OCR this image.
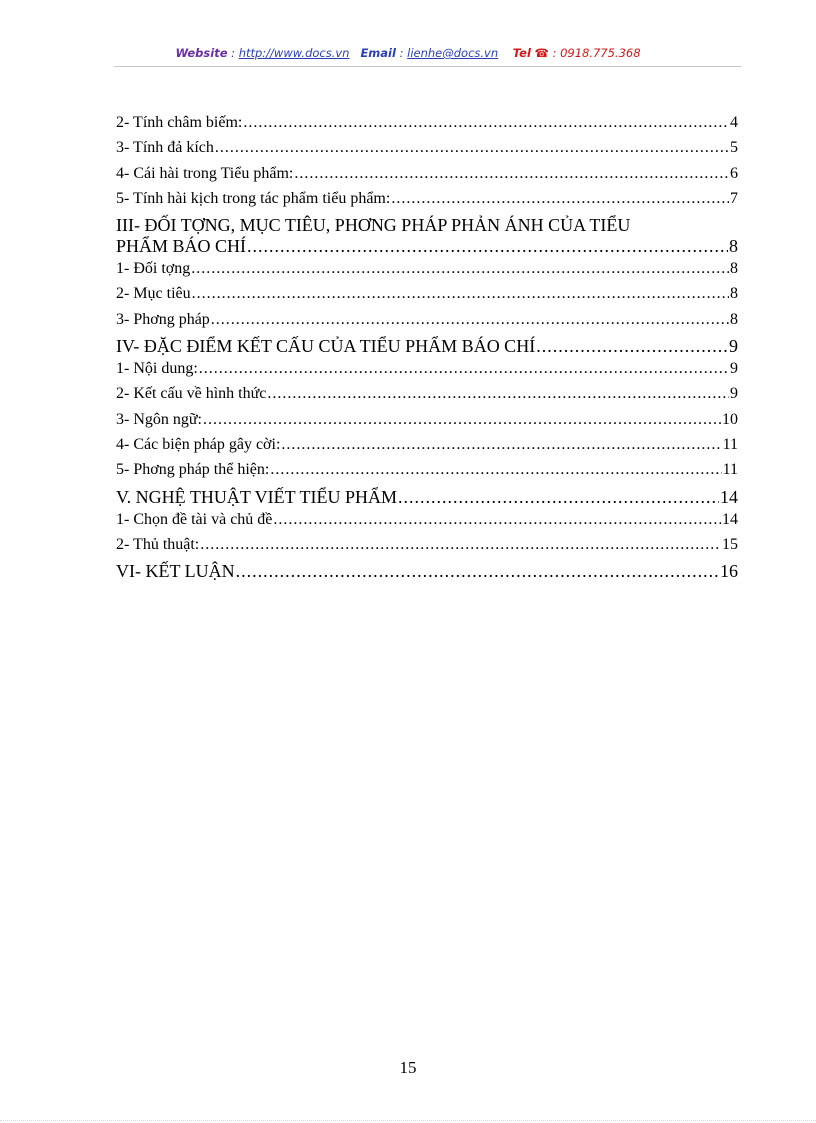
Website : http://www.docs.vn Email : lienhe@docs.vn Tel ☎ : 0918.775.368
2- Tính châm biếm: .....	4
3- Tính đả kích .....	5
4- Cái hài trong Tiểu phẩm: .....	6
5- Tính hài kịch trong tác phẩm tiểu phẩm: .....	7
III- ĐỐI TỢNG, MỤC TIÊU, PHƠNG PHÁP PHẢN ÁNH CỦA TIỂU
PHẨM BÁO CHÍ .....	8
1- Đối tợng .....	8
2- Mục tiêu .....	8
3- Phơng pháp .....	8
IV- ĐẶC ĐIỂM KẾT CẤU CỦA TIỂU PHẨM BÁO CHÍ .....	9
1- Nội dung: .....	9
2- Kết cấu về hình thức .....	9
3- Ngôn ngữ: .....	10
4- Các biện pháp gây cời: .....	11
5- Phơng pháp thể hiện: .....	11
V. NGHỆ THUẬT VIẾT TIỂU PHẨM .....	14
1- Chọn đề tài và chủ đề .....	14
2- Thủ thuật: .....	15
VI- KẾT LUẬN .....	16
15
